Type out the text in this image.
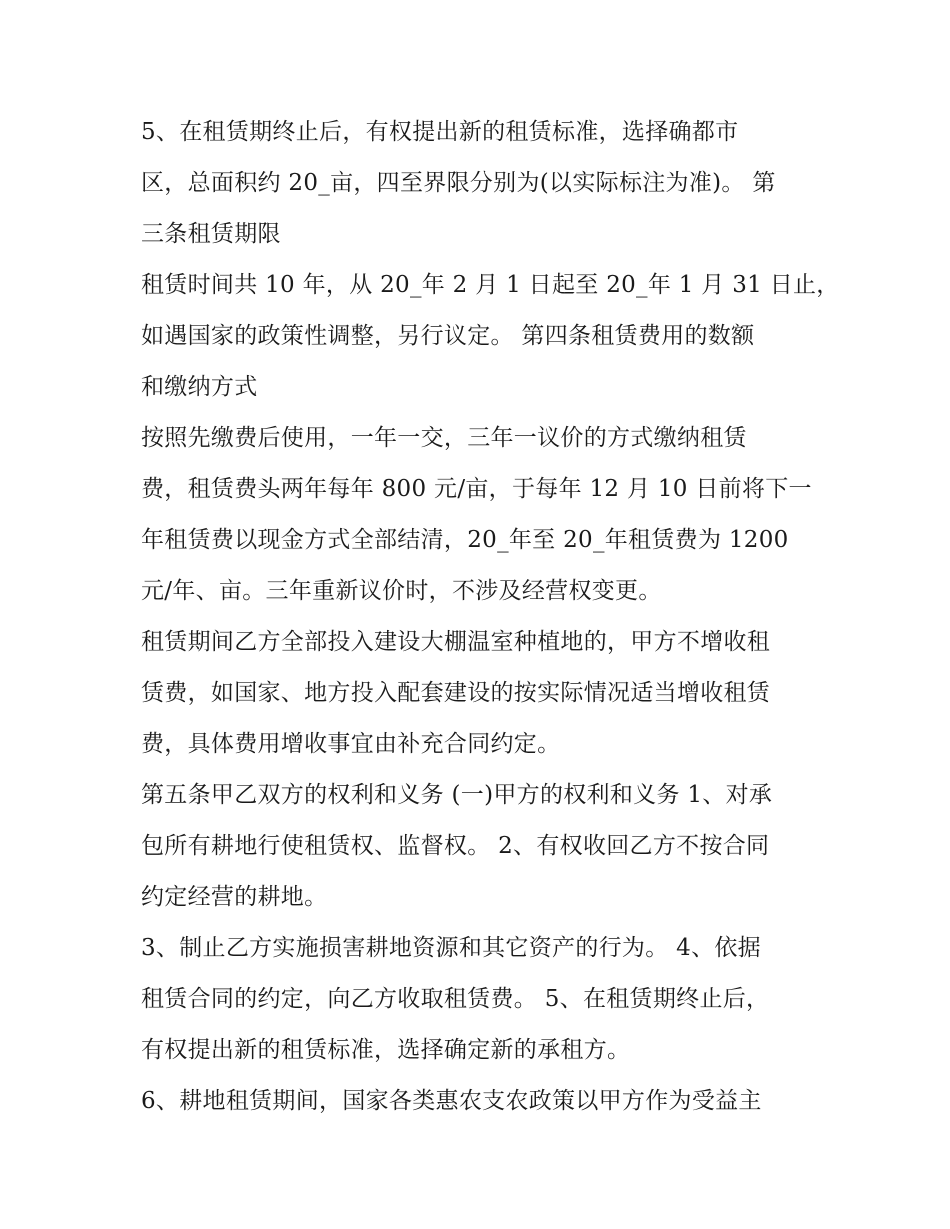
5、在租赁期终止后，有权提出新的租赁标准，选择确都市
区，总面积约 20_亩，四至界限分别为(以实际标注为准)。 第
三条租赁期限
租赁时间共 10 年，从 20_年 2 月 1 日起至 20_年 1 月 31 日止，
如遇国家的政策性调整，另行议定。 第四条租赁费用的数额
和缴纳方式
按照先缴费后使用，一年一交，三年一议价的方式缴纳租赁
费，租赁费头两年每年 800 元/亩，于每年 12 月 10 日前将下一
年租赁费以现金方式全部结清，20_年至 20_年租赁费为 1200
元/年、亩。三年重新议价时，不涉及经营权变更。
租赁期间乙方全部投入建设大棚温室种植地的，甲方不增收租
赁费，如国家、地方投入配套建设的按实际情况适当增收租赁
费，具体费用增收事宜由补充合同约定。
第五条甲乙双方的权利和义务 (一)甲方的权利和义务 1、对承
包所有耕地行使租赁权、监督权。 2、有权收回乙方不按合同
约定经营的耕地。
3、制止乙方实施损害耕地资源和其它资产的行为。 4、依据
租赁合同的约定，向乙方收取租赁费。 5、在租赁期终止后，
有权提出新的租赁标准，选择确定新的承租方。
6、耕地租赁期间，国家各类惠农支农政策以甲方作为受益主
